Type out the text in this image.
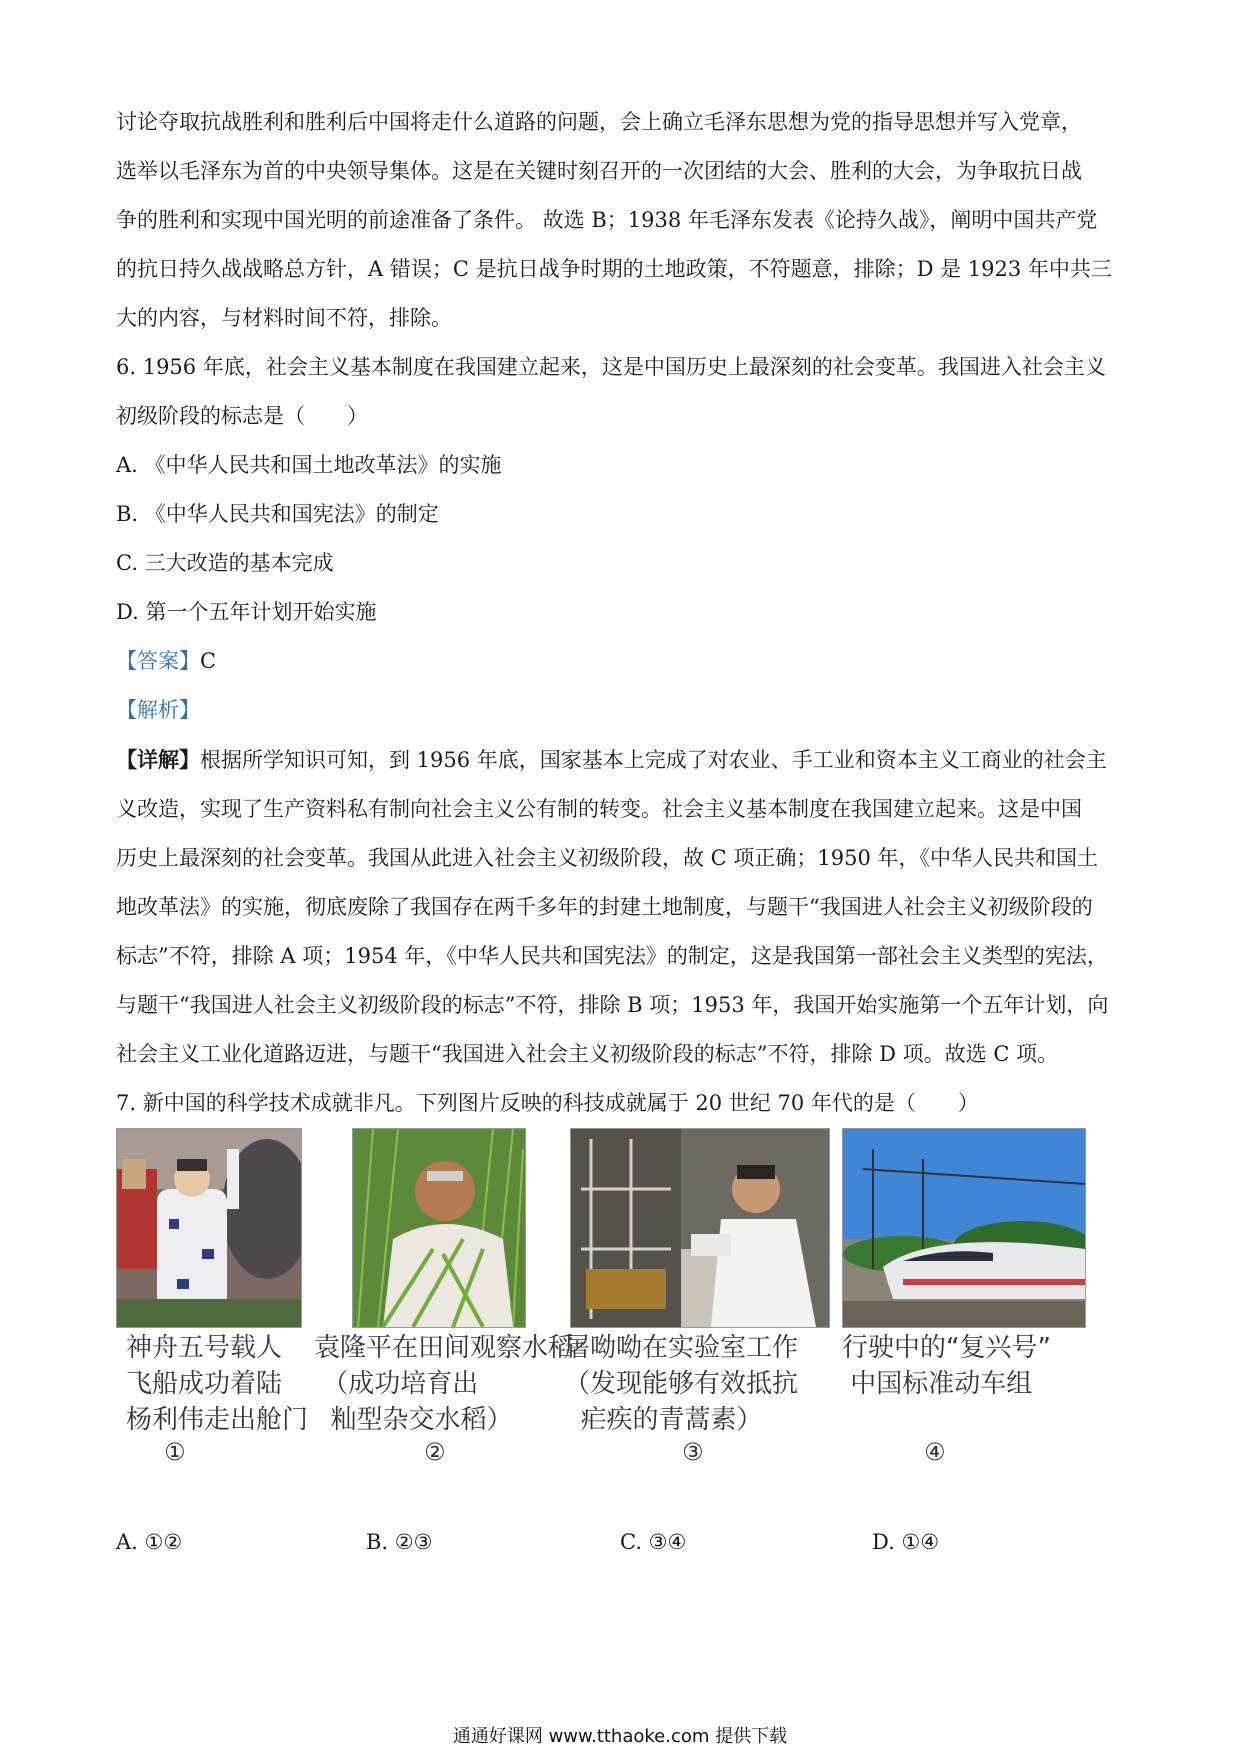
讨论夺取抗战胜利和胜利后中国将走什么道路的问题，会上确立毛泽东思想为党的指导思想并写入党章，

选举以毛泽东为首的中央领导集体。这是在关键时刻召开的一次团结的大会、胜利的大会，为争取抗日战

争的胜利和实现中国光明的前途准备了条件。 故选 B；1938 年毛泽东发表《论持久战》，阐明中国共产党

的抗日持久战战略总方针，A 错误；C 是抗日战争时期的土地政策，不符题意，排除；D 是 1923 年中共三

大的内容，与材料时间不符，排除。

6. 1956 年底，社会主义基本制度在我国建立起来，这是中国历史上最深刻的社会变革。我国进入社会主义

初级阶段的标志是（　　）

A. 《中华人民共和国土地改革法》的实施

B. 《中华人民共和国宪法》的制定

C. 三大改造的基本完成

D. 第一个五年计划开始实施

【答案】C

【解析】

【详解】根据所学知识可知，到 1956 年底，国家基本上完成了对农业、手工业和资本主义工商业的社会主

义改造，实现了生产资料私有制向社会主义公有制的转变。社会主义基本制度在我国建立起来。这是中国

历史上最深刻的社会变革。我国从此进入社会主义初级阶段，故 C 项正确；1950 年，《中华人民共和国土

地改革法》的实施，彻底废除了我国存在两千多年的封建土地制度，与题干“我国进人社会主义初级阶段的

标志”不符，排除 A 项；1954 年，《中华人民共和国宪法》的制定，这是我国第一部社会主义类型的宪法，

与题干“我国进人社会主义初级阶段的标志”不符，排除 B 项；1953 年，我国开始实施第一个五年计划，向

社会主义工业化道路迈进，与题干“我国进入社会主义初级阶段的标志”不符，排除 D 项。故选 C 项。

7. 新中国的科学技术成就非凡。下列图片反映的科技成就属于 20 世纪 70 年代的是（　　）

神舟五号载人
飞船成功着陆
杨利伟走出舱门
①
袁隆平在田间观察水稻
（成功培育出
籼型杂交水稻）
②
屠呦呦在实验室工作
（发现能够有效抵抗
疟疾的青蒿素）
③
行驶中的“复兴号”
中国标准动车组
④
A. ①②	B. ②③	C. ③④	D. ①④
通通好课网 www.tthaoke.com 提供下载
